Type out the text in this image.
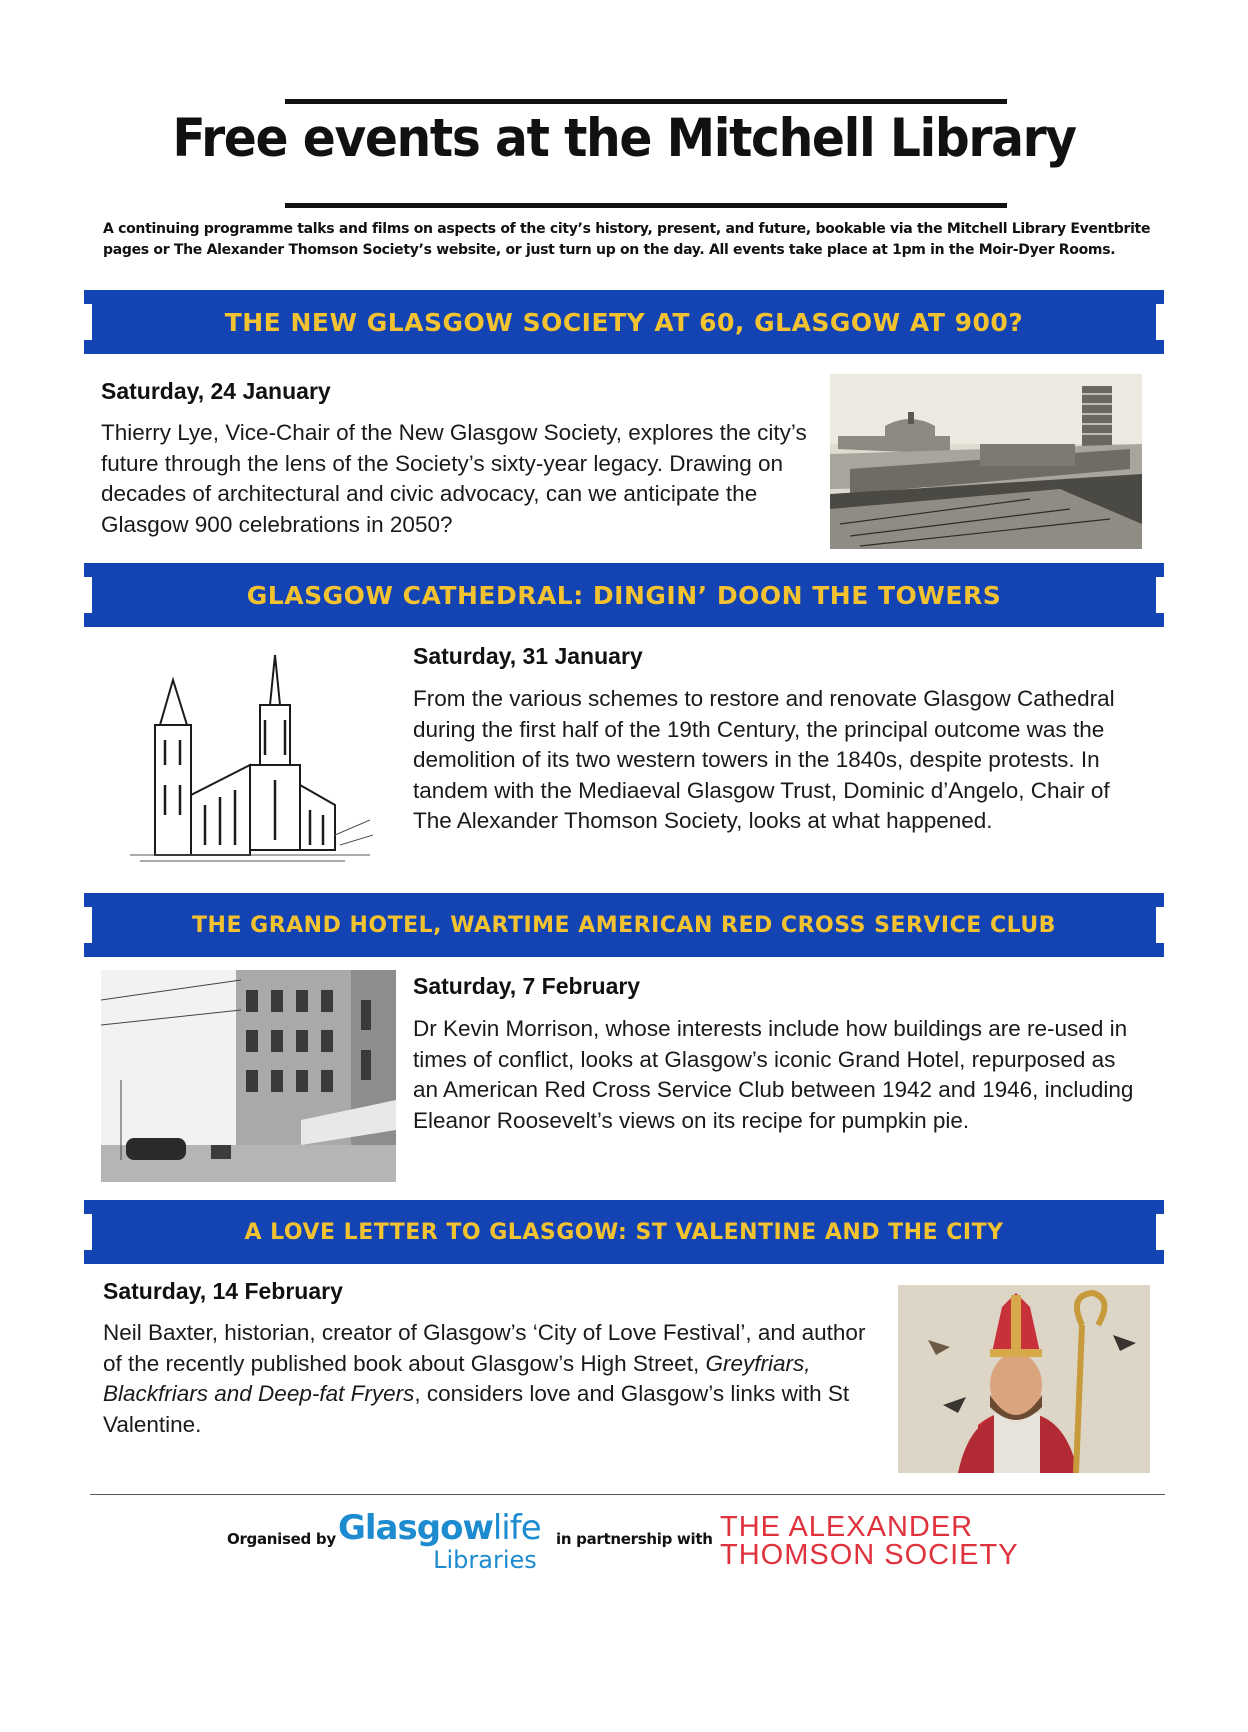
Free events at the Mitchell Library
A continuing programme talks and films on aspects of the city’s history, present, and future, bookable via the Mitchell Library Eventbrite pages or The Alexander Thomson Society’s website, or just turn up on the day. All events take place at 1pm in the Moir-Dyer Rooms.
THE NEW GLASGOW SOCIETY AT 60, GLASGOW AT 900?
Saturday, 24 January
Thierry Lye, Vice-Chair of the New Glasgow Society, explores the city’s future through the lens of the Society’s sixty-year legacy. Drawing on decades of architectural and civic advocacy, can we anticipate the Glasgow 900 celebrations in 2050?
GLASGOW CATHEDRAL: DINGIN’ DOON THE TOWERS
Saturday, 31 January
From the various schemes to restore and renovate Glasgow Cathedral during the first half of the 19th Century, the principal outcome was the demolition of its two western towers in the 1840s, despite protests. In tandem with the Mediaeval Glasgow Trust, Dominic d’Angelo, Chair of The Alexander Thomson Society, looks at what happened.
THE GRAND HOTEL, WARTIME AMERICAN RED CROSS SERVICE CLUB
Saturday, 7 February
Dr Kevin Morrison, whose interests include how buildings are re-used in times of conflict, looks at Glasgow’s iconic Grand Hotel, repurposed as an American Red Cross Service Club between 1942 and 1946, including Eleanor Roosevelt’s views on its recipe for pumpkin pie.
A LOVE LETTER TO GLASGOW: ST VALENTINE AND THE CITY
Saturday, 14 February
Neil Baxter, historian, creator of Glasgow’s ‘City of Love Festival’, and author of the recently published book about Glasgow’s High Street, Greyfriars, Blackfriars and Deep-fat Fryers, considers love and Glasgow’s links with St Valentine.
Organised by Glasgowlife
Libraries
in partnership with THE ALEXANDER
THOMSON SOCIETY
